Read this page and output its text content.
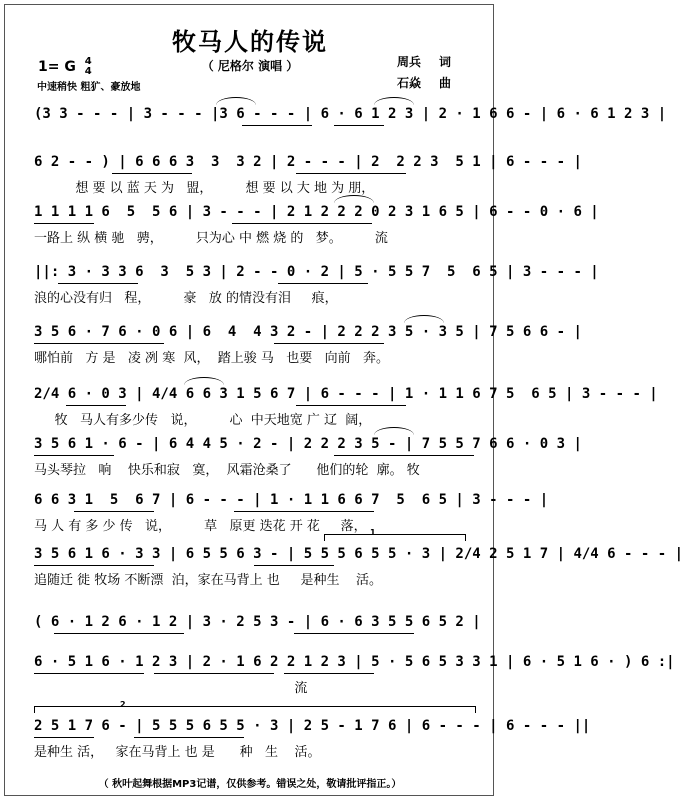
牧马人的传说
（ 尼格尔 演唱 ）
1= G 4
4
中速稍快 粗犷、豪放地
周兵 词
石焱 曲
(3 3 - - - | 3 - - - |3 6 - - - | 6 · 6 1 2 3 | 2 · 1 6 6 - | 6 · 6 1 2 3 |
6 2 - - ) | 6 6 6 3  3  3 2 | 2 - - - | 2  2 2 3  5 1 | 6 - - - |
想 要 以 蓝 天 为   盟，        想 要 以 大 地 为 朋，
1 1 1 1 6  5  5 6 | 3 - - - | 2 1 2 2 2 0 2 3 1 6 5 | 6 - - 0 · 6 |
一路上 纵 横 驰   骋，        只为心 中 燃 烧 的   梦。        流
||: 3 · 3 3 6  3  5 3 | 2 - - 0 · 2 | 5 · 5 5 7  5  6 5 | 3 - - - |
浪的心没有归   程，        豪   放 的情没有泪     痕，
3 5 6 · 7 6 · 0 6 | 6  4  4 3 2 - | 2 2 2 3 5 · 3 5 | 7 5 6 6 - |
哪怕前   方 是   凌 冽 寒  风，  踏上骏 马   也要   向前   奔。
2/4 6 · 0 3 | 4/4 6 6 3 1 5 6 7 | 6 - - - | 1 · 1 1 6 7 5  6 5 | 3 - - - |
牧   马人有多少传   说，        心  中天地宽 广 辽  阔，
3 5 6 1 · 6 - | 6 4 4 5 · 2 - | 2 2 2 3 5 - | 7 5 5 7 6 6 · 0 3 |
马头琴拉   响    快乐和寂   寞，  风霜沧桑了      他们的轮  廓。 牧
6 6 3 1  5  6 7 | 6 - - - | 1 · 1 1 6 6 7  5  6 5 | 3 - - - |
马 人 有 多 少 传   说，        草   原更 迭花 开 花     落，
3 5 6 1 6 · 3 3 | 6 5 5 6 3 - | 5 5 5 6 5 5 · 3 | 2/4 2 5 1 7 | 4/4 6 - - - |
追随迁 徙 牧场 不断漂  泊，家在马背上 也     是种生    活。
1
( 6 · 1 2 6 · 1 2 | 3 · 2 5 3 - | 6 · 6 3 5 5 6 5 2 |
6 · 5 1 6 · 1 2 3 | 2 · 1 6 2 2 1 2 3 | 5 · 5 6 5 3 3 1 | 6 · 5 1 6 · ) 6 :|
流
2 5 1 7 6 - | 5 5 5 6 5 5 · 3 | 2 5 - 1 7 6 | 6 - - - | 6 - - - ||
是种生 活，   家在马背上 也 是      种   生    活。
2
（ 秋叶起舞根据MP3记谱，仅供参考。错误之处，敬请批评指正。）
